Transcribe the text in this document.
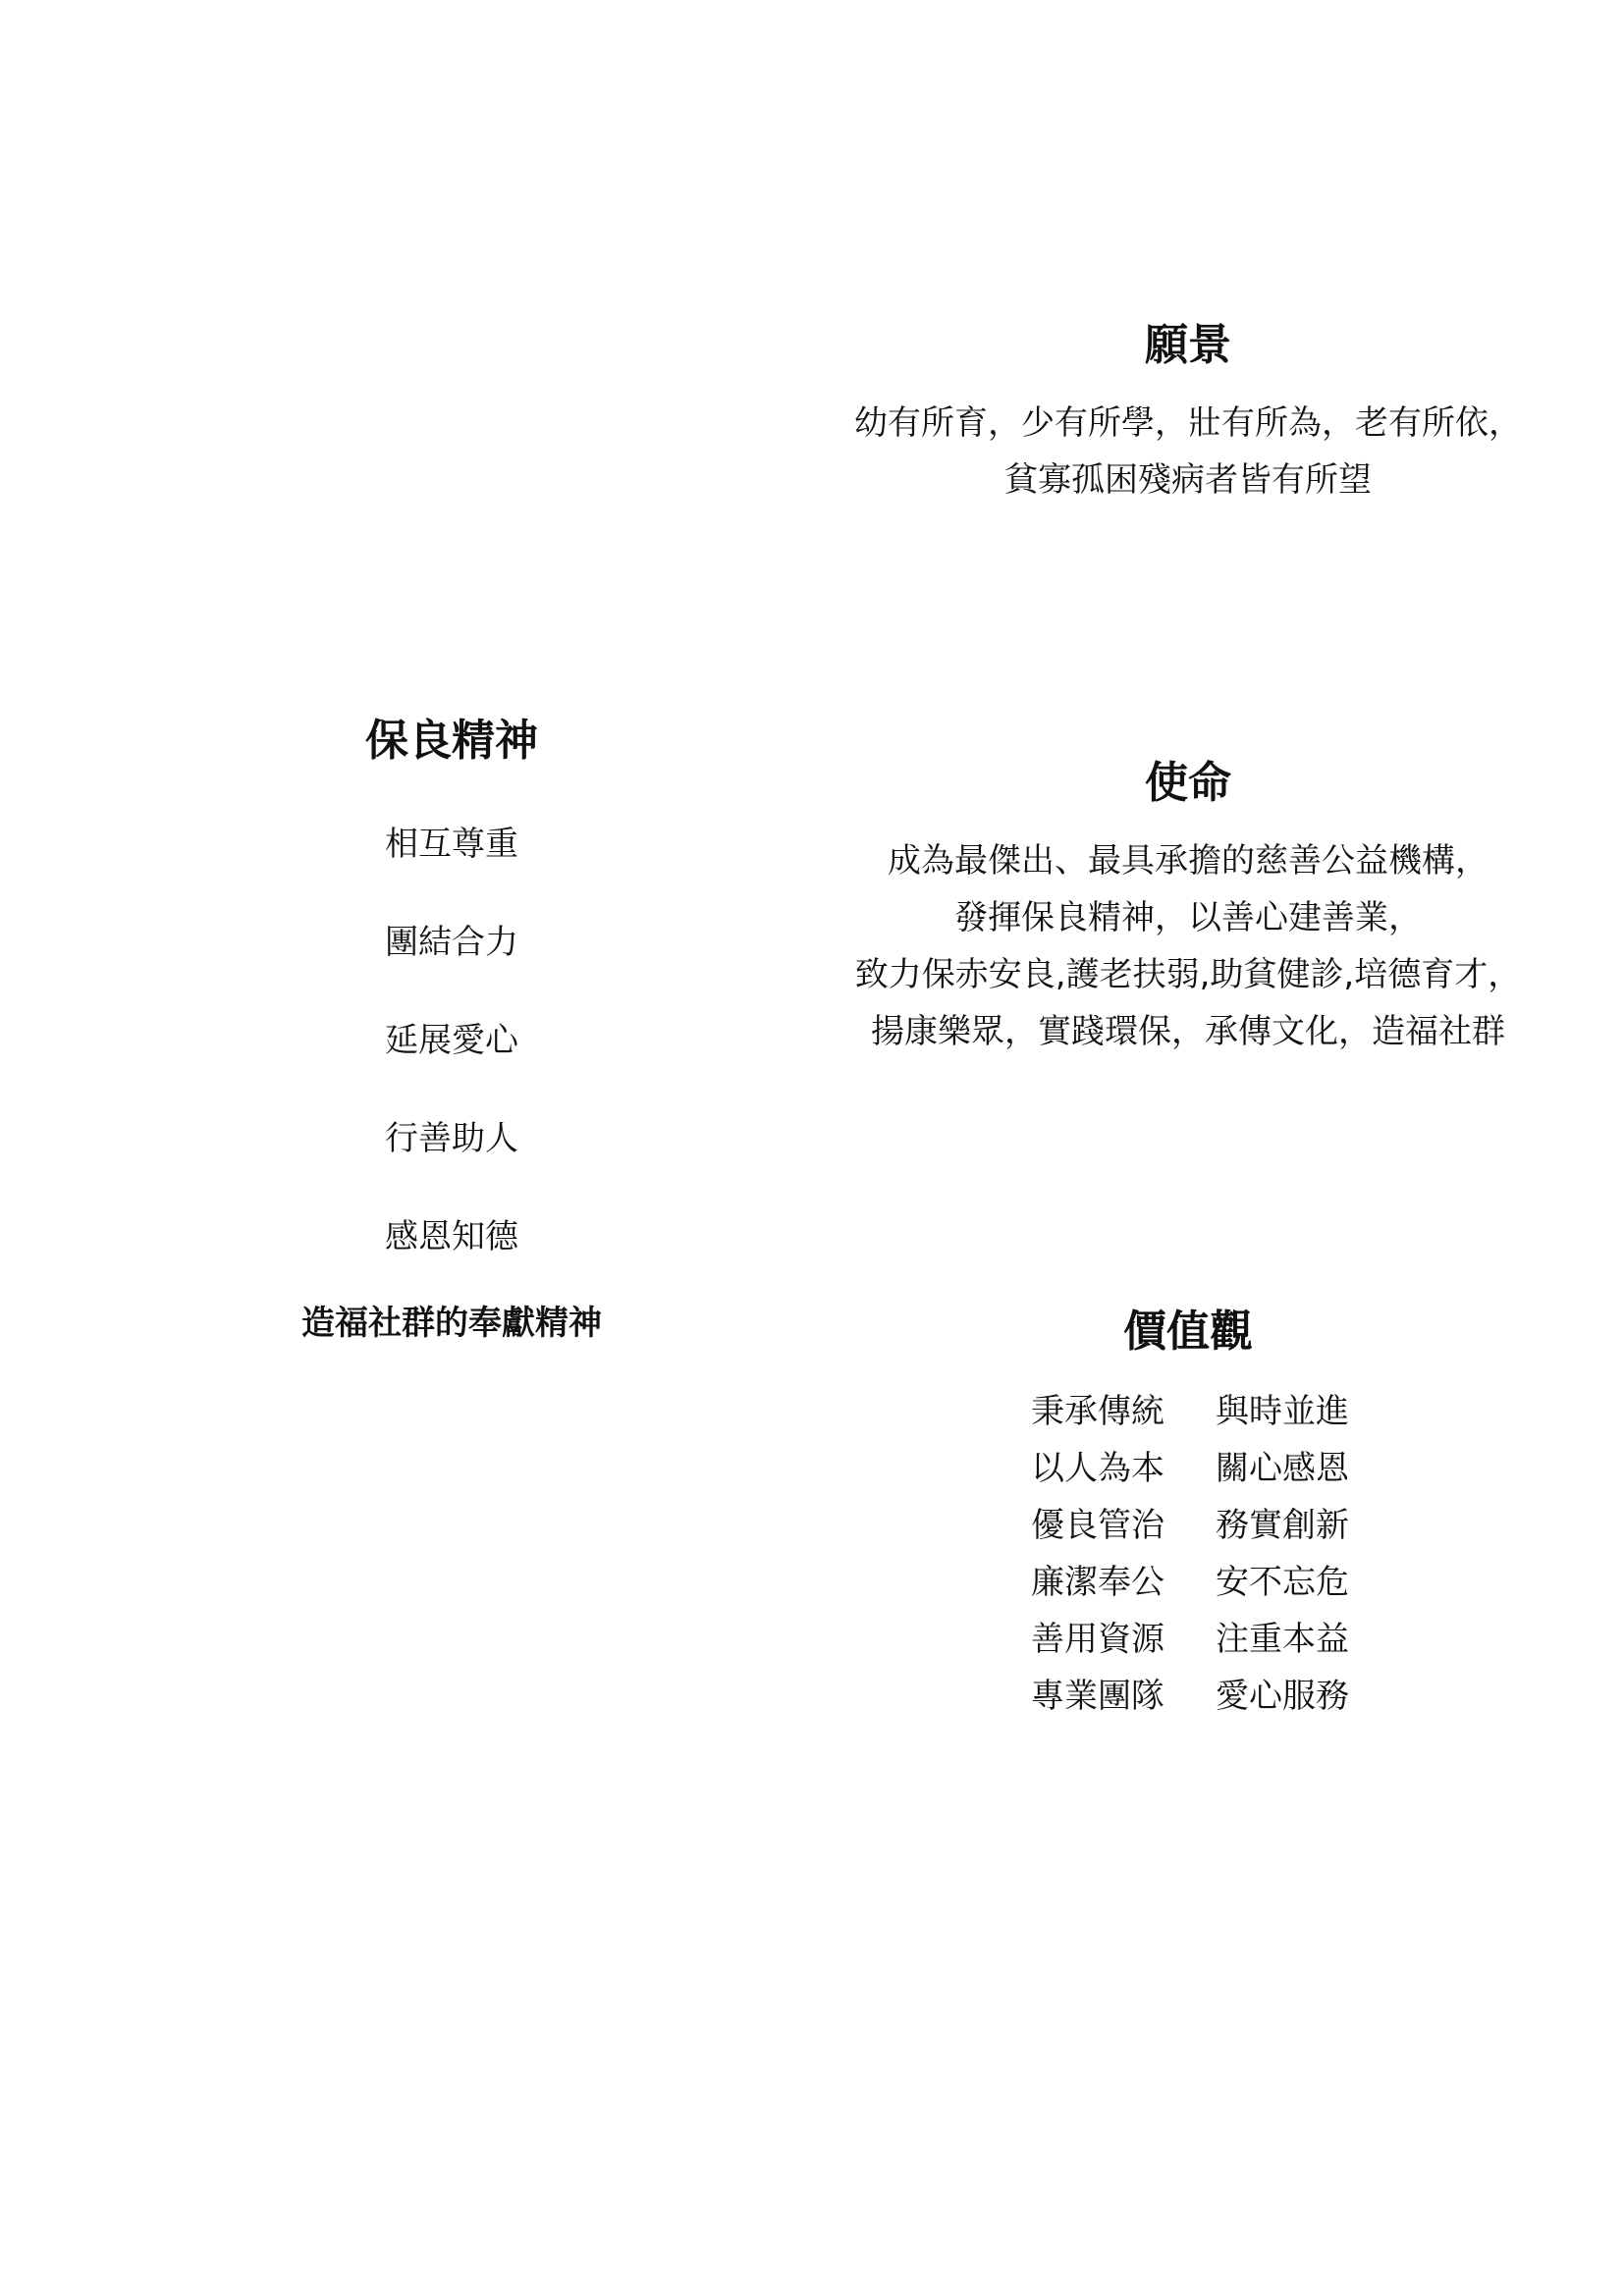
願景
幼有所育，少有所學，壯有所為，老有所依，
貧寡孤困殘病者皆有所望
保良精神
相互尊重
團結合力
延展愛心
行善助人
感恩知德
造福社群的奉獻精神
使命
成為最傑出、最具承擔的慈善公益機構，
發揮保良精神，以善心建善業，
致力保赤安良,護老扶弱,助貧健診,培德育才，
揚康樂眾，實踐環保，承傳文化，造福社群
價值觀
秉承傳統	與時並進
以人為本	關心感恩
優良管治	務實創新
廉潔奉公	安不忘危
善用資源	注重本益
專業團隊	愛心服務
